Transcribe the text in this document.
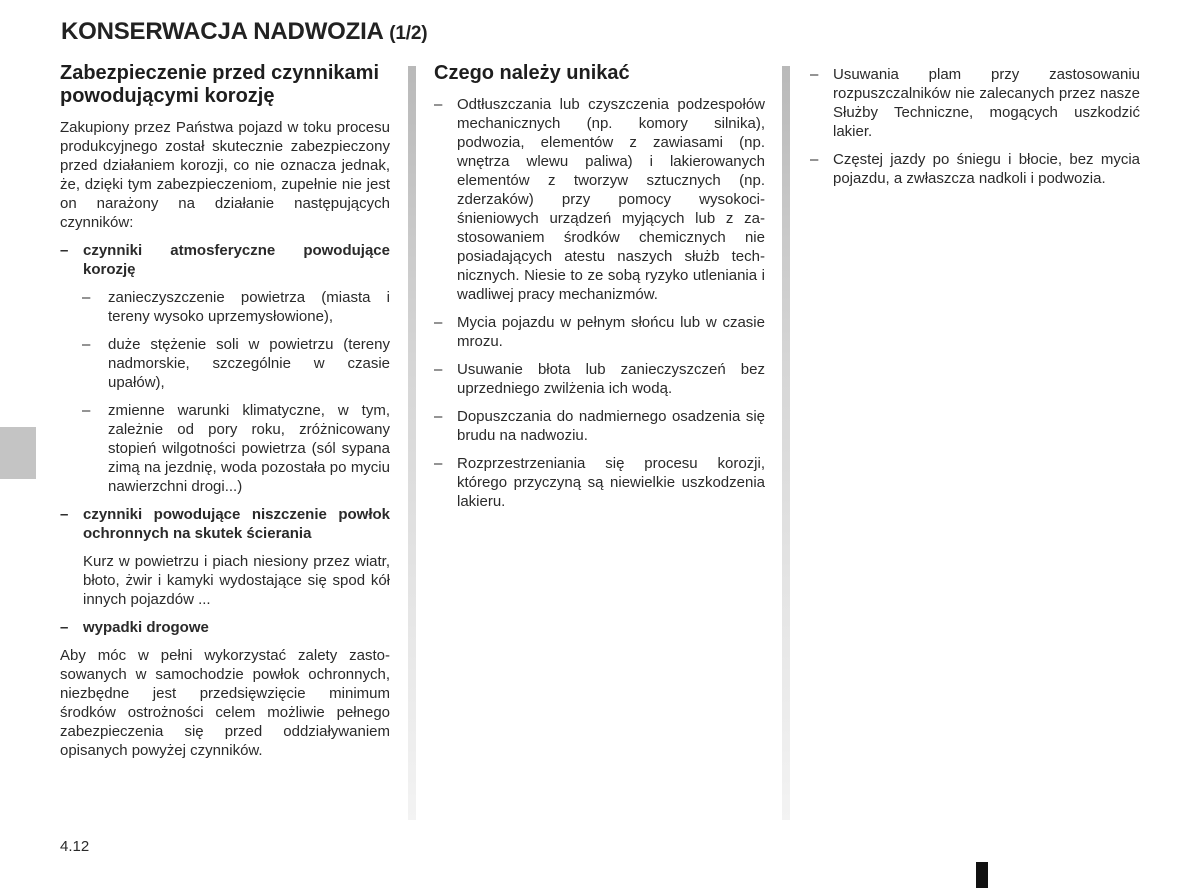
KONSERWACJA NADWOZIA (1/2)
Zabezpieczenie przed czynnikami powodującymi korozję

Zakupiony przez Państwa pojazd w toku procesu produkcyjnego został skutecznie zabezpieczony przed działaniem korozji, co nie oznacza jednak, że, dzięki tym zabezpieczeniom, zupełnie nie jest on narażony na działanie następujących czynników:

– czynniki atmosferyczne powodujące korozję
– zanieczyszczenie powietrza (miasta i tereny wysoko uprzemysłowione),
– duże stężenie soli w powietrzu (tereny nadmorskie, szczególnie w czasie upałów),
– zmienne warunki klimatyczne, w tym, zależnie od pory roku, zróżnicowany stopień wilgotności powietrza (sól sypana zimą na jezdnię, woda pozostała po myciu nawierzchni drogi...)
– czynniki powodujące niszczenie powłok ochronnych na skutek ścierania
Kurz w powietrzu i piach niesiony przez wiatr, błoto, żwir i kamyki wydostające się spod kół innych pojazdów ...
– wypadki drogowe

Aby móc w pełni wykorzystać zalety zastosowanych w samochodzie powłok ochronnych, niezbędne jest przedsięwzięcie minimum środków ostrożności celem możliwie pełnego zabezpieczenia się przed oddziaływaniem opisanych powyżej czynników.

Czego należy unikać
– Odtłuszczania lub czyszczenia podzespołów mechanicznych (np. komory silnika), podwozia, elementów z zawiasami (np. wnętrza wlewu paliwa) i lakierowanych elementów z tworzyw sztucznych (np. zderzaków) przy pomocy wysokociśnieniowych urządzeń myjących lub z zastosowaniem środków chemicznych nie posiadających atestu naszych służb technicznych. Niesie to ze sobą ryzyko utleniania i wadliwej pracy mechanizmów.
– Mycia pojazdu w pełnym słońcu lub w czasie mrozu.
– Usuwanie błota lub zanieczyszczeń bez uprzedniego zwilżenia ich wodą.
– Dopuszczania do nadmiernego osadzenia się brudu na nadwoziu.
– Rozprzestrzeniania się procesu korozji, którego przyczyną są niewielkie uszkodzenia lakieru.
– Usuwania plam przy zastosowaniu rozpuszczalników nie zalecanych przez nasze Służby Techniczne, mogących uszkodzić lakier.
– Częstej jazdy po śniegu i błocie, bez mycia pojazdu, a zwłaszcza nadkoli i podwozia.
4.12
